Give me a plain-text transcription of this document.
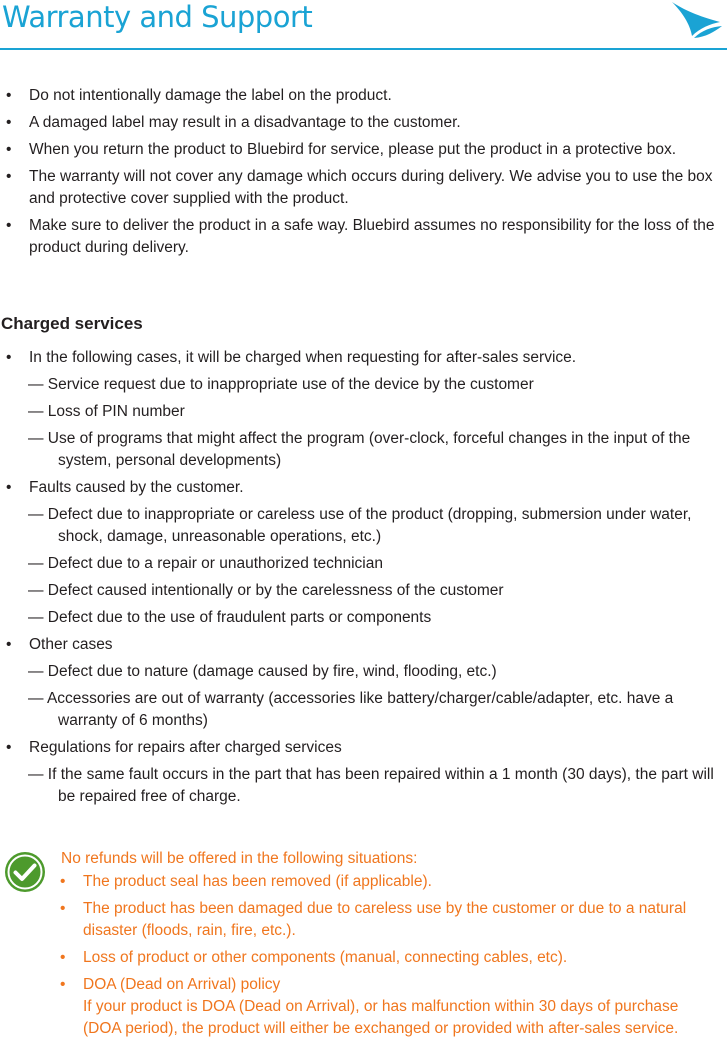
Warranty and Support
• Do not intentionally damage the label on the product.
• A damaged label may result in a disadvantage to the customer.
• When you return the product to Bluebird for service, please put the product in a protective box.
• The warranty will not cover any damage which occurs during delivery. We advise you to use the box and protective cover supplied with the product.
• Make sure to deliver the product in a safe way. Bluebird assumes no responsibility for the loss of the product during delivery.
Charged services
• In the following cases, it will be charged when requesting for after-sales service.
— Service request due to inappropriate use of the device by the customer
— Loss of PIN number
— Use of programs that might affect the program (over-clock, forceful changes in the input of the system, personal developments)
• Faults caused by the customer.
— Defect due to inappropriate or careless use of the product (dropping, submersion under water, shock, damage, unreasonable operations, etc.)
— Defect due to a repair or unauthorized technician
— Defect caused intentionally or by the carelessness of the customer
— Defect due to the use of fraudulent parts or components
• Other cases
— Defect due to nature (damage caused by fire, wind, flooding, etc.)
— Accessories are out of warranty (accessories like battery/charger/cable/adapter, etc. have a warranty of 6 months)
• Regulations for repairs after charged services
— If the same fault occurs in the part that has been repaired within a 1 month (30 days), the part will be repaired free of charge.
No refunds will be offered in the following situations:
• The product seal has been removed (if applicable).
• The product has been damaged due to careless use by the customer or due to a natural disaster (floods, rain, fire, etc.).
• Loss of product or other components (manual, connecting cables, etc).
• DOA (Dead on Arrival) policy
If your product is DOA (Dead on Arrival), or has malfunction within 30 days of purchase (DOA period), the product will either be exchanged or provided with after-sales service.
